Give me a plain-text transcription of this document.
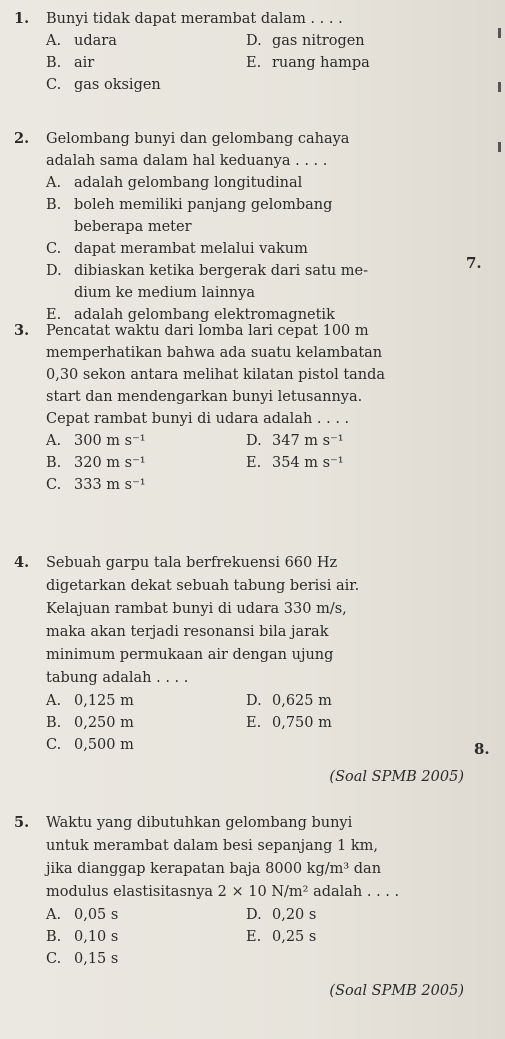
1. Bunyi tidak dapat merambat dalam . . . .
A. udara	D. gas nitrogen
B. air	E. ruang hampa
C. gas oksigen
2. Gelombang bunyi dan gelombang cahaya
adalah sama dalam hal keduanya . . . .
A. adalah gelombang longitudinal
B. boleh memiliki panjang gelombang
beberapa meter
C. dapat merambat melalui vakum
D. dibiaskan ketika bergerak dari satu me-
dium ke medium lainnya
E. adalah gelombang elektromagnetik
3. Pencatat waktu dari lomba lari cepat 100 m
memperhatikan bahwa ada suatu kelambatan
0,30 sekon antara melihat kilatan pistol tanda
start dan mendengarkan bunyi letusannya.
Cepat rambat bunyi di udara adalah . . . .
A. 300 m s⁻¹	D. 347 m s⁻¹
B. 320 m s⁻¹	E. 354 m s⁻¹
C. 333 m s⁻¹
4. Sebuah garpu tala berfrekuensi 660 Hz
digetarkan dekat sebuah tabung berisi air.
Kelajuan rambat bunyi di udara 330 m/s,
maka akan terjadi resonansi bila jarak
minimum permukaan air dengan ujung
tabung adalah . . . .
A. 0,125 m	D. 0,625 m
B. 0,250 m	E. 0,750 m
C. 0,500 m
(Soal SPMB 2005)
5. Waktu yang dibutuhkan gelombang bunyi
untuk merambat dalam besi sepanjang 1 km,
jika dianggap kerapatan baja 8000 kg/m³ dan
modulus elastisitasnya 2 × 10 N/m² adalah . . . .
A. 0,05 s	D. 0,20 s
B. 0,10 s	E. 0,25 s
C. 0,15 s
(Soal SPMB 2005)
7.
8.
